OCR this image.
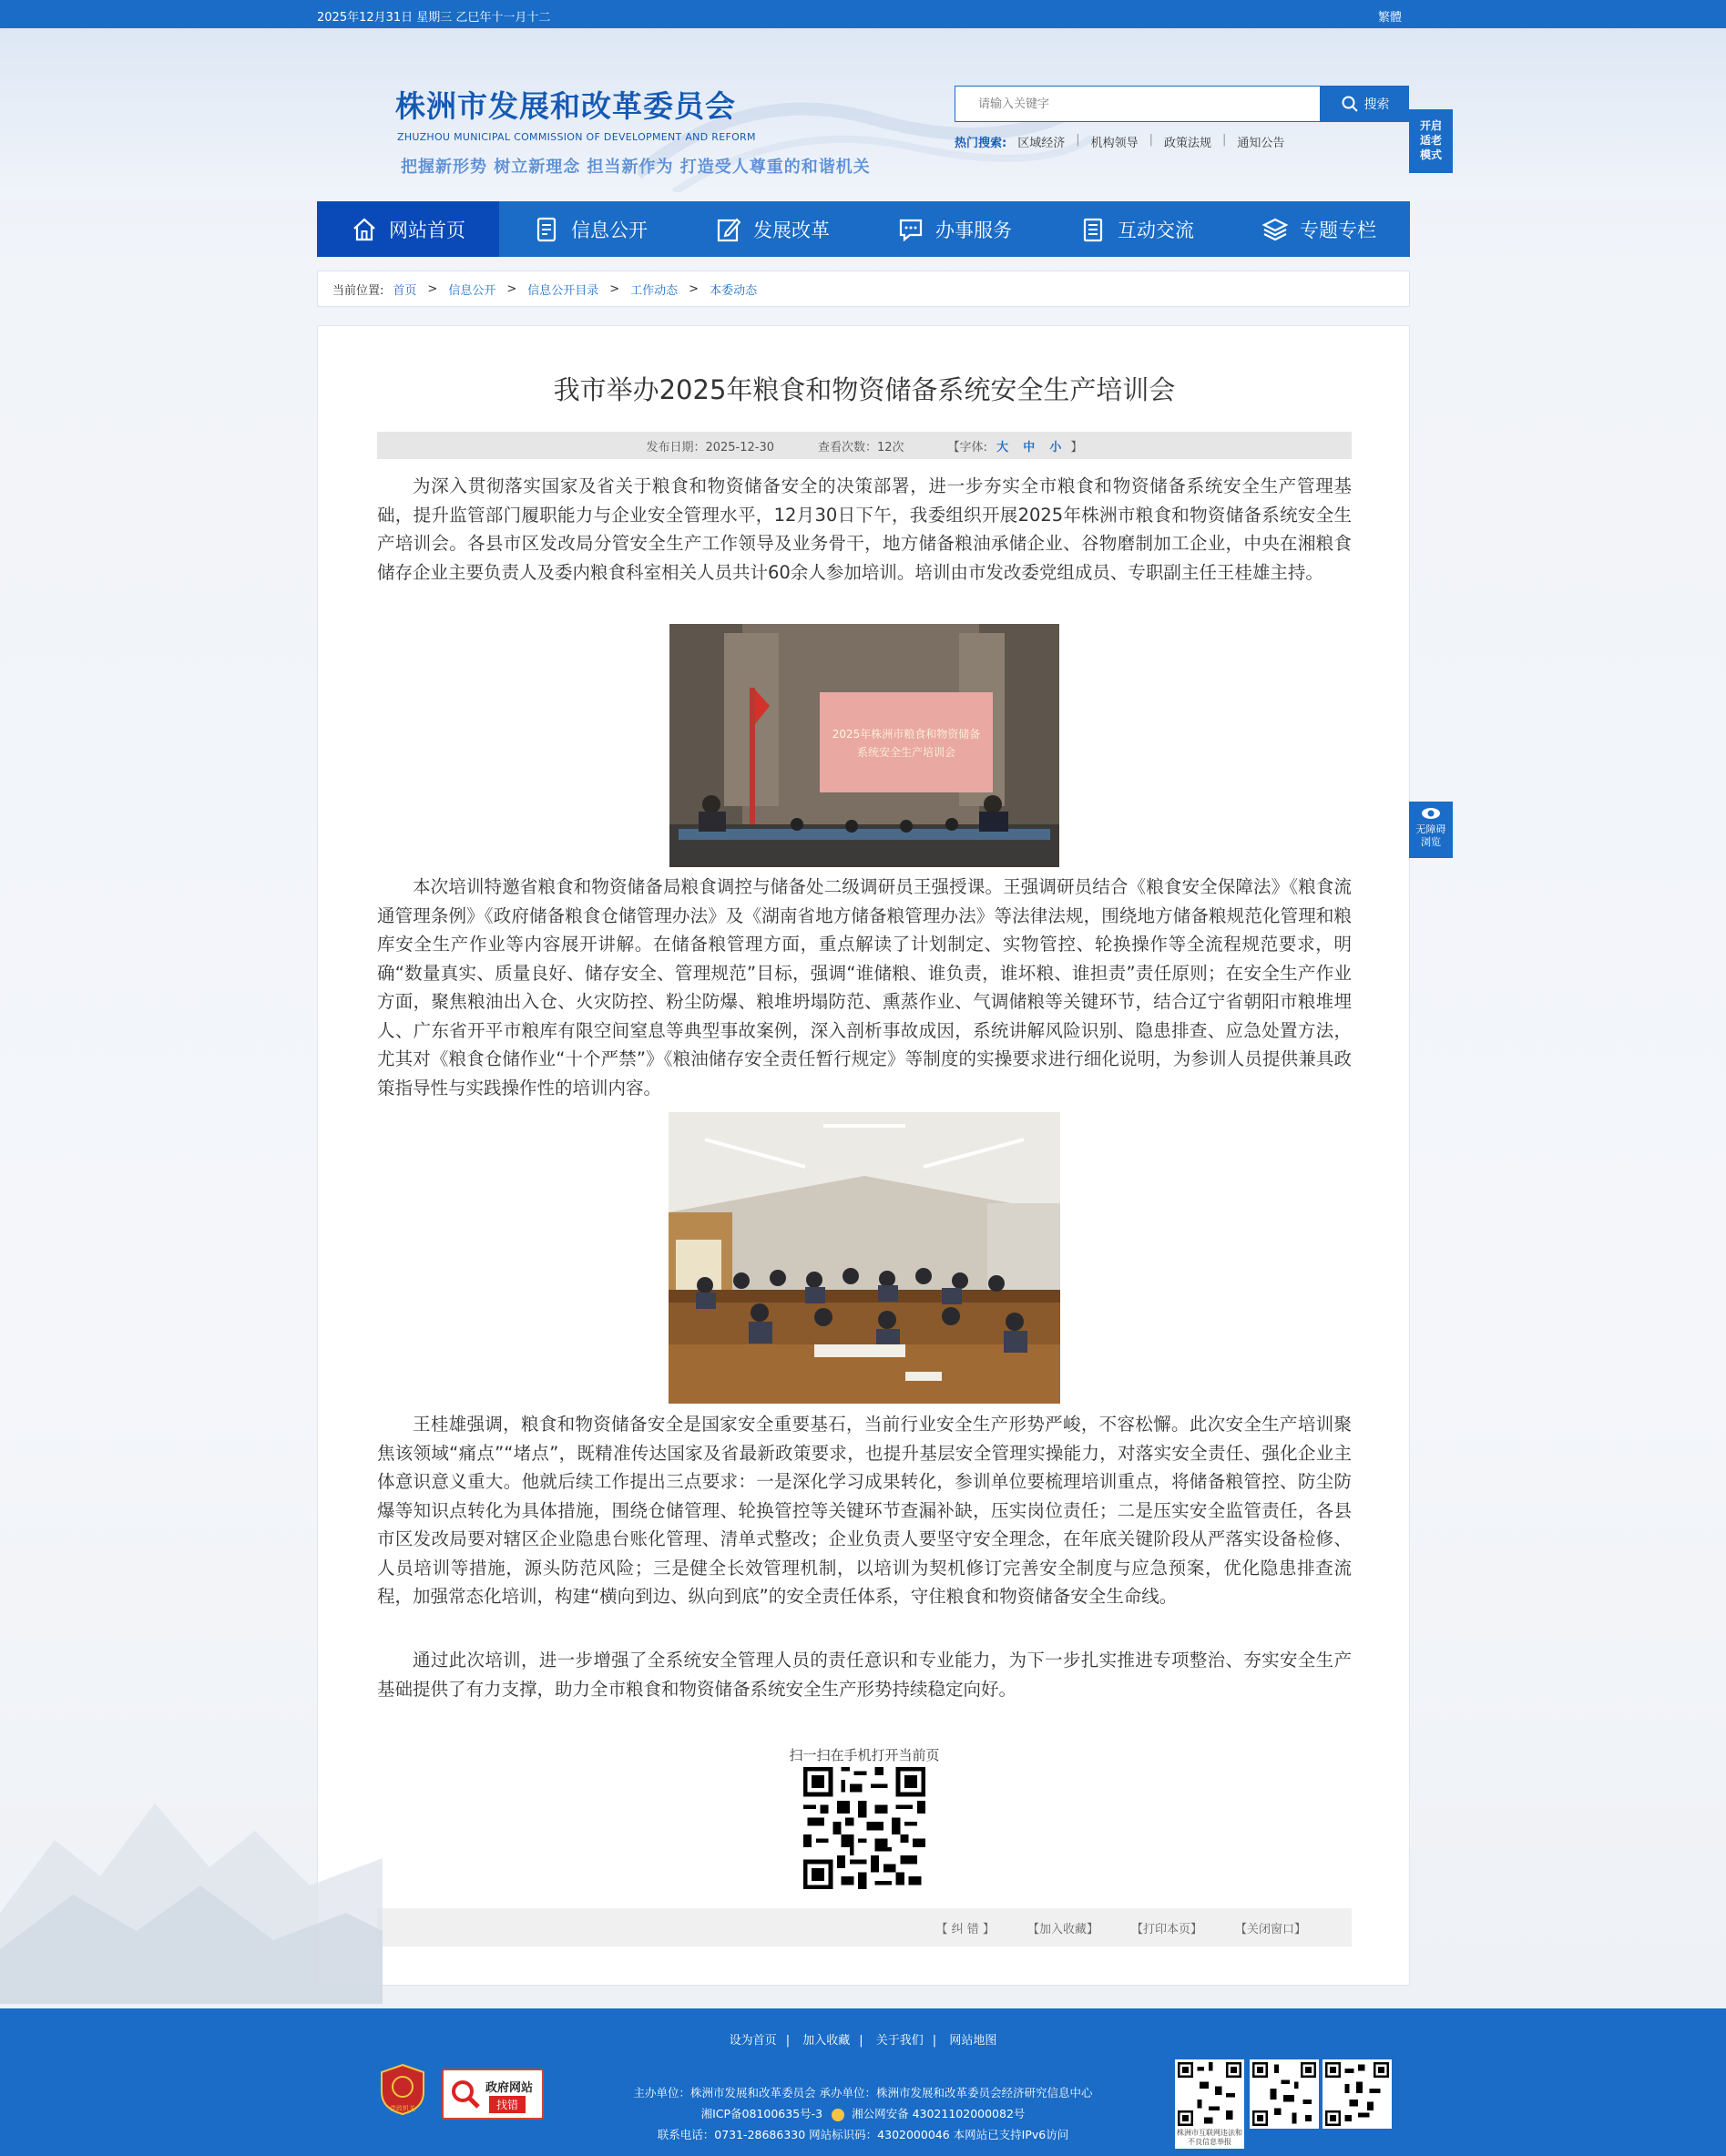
2025年12月31日 星期三 乙巳年十一月十二	繁體
株洲市发展和改革委员会
ZHUZHOU MUNICIPAL COMMISSION OF DEVELOPMENT AND REFORM
把握新形势 树立新理念 担当新作为 打造受人尊重的和谐机关
请输入关键字
搜索
热门搜索: 区域经济 | 机构领导 | 政策法规 | 通知公告
开启
适老
模式
网站首页	信息公开	发展改革	办事服务	互动交流	专题专栏
当前位置: 首页 > 信息公开 > 信息公开目录 > 工作动态 > 本委动态
我市举办2025年粮食和物资储备系统安全生产培训会
发布日期：2025-12-30	查看次数：12次	【字体: 大 中 小 】

为深入贯彻落实国家及省关于粮食和物资储备安全的决策部署，进一步夯实全市粮食和物资储备系统安全生产管理基础，提升监管部门履职能力与企业安全管理水平，12月30日下午，我委组织开展2025年株洲市粮食和物资储备系统安全生产培训会。各县市区发改局分管安全生产工作领导及业务骨干，地方储备粮油承储企业、谷物磨制加工企业，中央在湘粮食储存企业主要负责人及委内粮食科室相关人员共计60余人参加培训。培训由市发改委党组成员、专职副主任王桂雄主持。

2025年株洲市粮食和物资储备
系统安全生产培训会

本次培训特邀省粮食和物资储备局粮食调控与储备处二级调研员王强授课。王强调研员结合《粮食安全保障法》《粮食流通管理条例》《政府储备粮食仓储管理办法》及《湖南省地方储备粮管理办法》等法律法规，围绕地方储备粮规范化管理和粮库安全生产作业等内容展开讲解。在储备粮管理方面，重点解读了计划制定、实物管控、轮换操作等全流程规范要求，明确“数量真实、质量良好、储存安全、管理规范”目标，强调“谁储粮、谁负责，谁坏粮、谁担责”责任原则；在安全生产作业方面，聚焦粮油出入仓、火灾防控、粉尘防爆、粮堆坍塌防范、熏蒸作业、气调储粮等关键环节，结合辽宁省朝阳市粮堆埋人、广东省开平市粮库有限空间窒息等典型事故案例，深入剖析事故成因，系统讲解风险识别、隐患排查、应急处置方法，尤其对《粮食仓储作业“十个严禁”》《粮油储存安全责任暂行规定》等制度的实操要求进行细化说明，为参训人员提供兼具政策指导性与实践操作性的培训内容。

王桂雄强调，粮食和物资储备安全是国家安全重要基石，当前行业安全生产形势严峻，不容松懈。此次安全生产培训聚焦该领域“痛点”“堵点”，既精准传达国家及省最新政策要求，也提升基层安全管理实操能力，对落实安全责任、强化企业主体意识意义重大。他就后续工作提出三点要求：一是深化学习成果转化，参训单位要梳理培训重点，将储备粮管控、防尘防爆等知识点转化为具体措施，围绕仓储管理、轮换管控等关键环节查漏补缺，压实岗位责任；二是压实安全监管责任，各县市区发改局要对辖区企业隐患台账化管理、清单式整改；企业负责人要坚守安全理念，在年底关键阶段从严落实设备检修、人员培训等措施，源头防范风险；三是健全长效管理机制，以培训为契机修订完善安全制度与应急预案，优化隐患排查流程，加强常态化培训，构建“横向到边、纵向到底”的安全责任体系，守住粮食和物资储备安全生命线。

通过此次培训，进一步增强了全系统安全管理人员的责任意识和专业能力，为下一步扎实推进专项整治、夯实安全生产基础提供了有力支撑，助力全市粮食和物资储备系统安全生产形势持续稳定向好。

扫一扫在手机打开当前页
【 纠 错 】	【加入收藏】	【打印本页】	【关闭窗口】
无障碍
浏览
设为首页 | 加入收藏 | 关于我们 | 网站地图
党政机关
政府网站
找错
主办单位：株洲市发展和改革委员会 承办单位：株洲市发展和改革委员会经济研究信息中心
湘ICP备08100635号-3	湘公网安备 43021102000082号
联系电话：0731-28686330 网站标识码：4302000046 本网站已支持IPv6访问	株洲市互联网违法和不良信息举报
